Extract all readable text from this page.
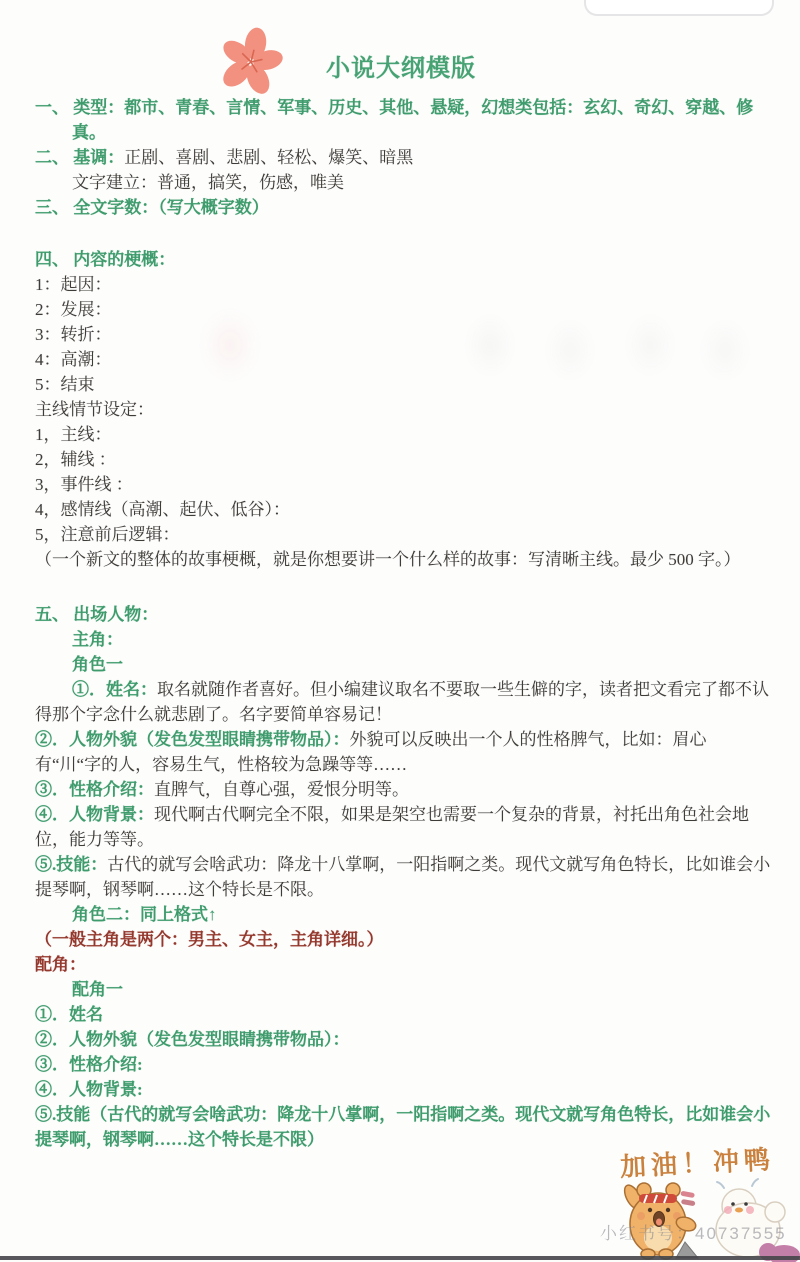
小说大纲模版

一、 类型：都市、青春、言情、军事、历史、其他、悬疑，幻想类包括：玄幻、奇幻、穿越、修真。

二、 基调：正剧、喜剧、悲剧、轻松、爆笑、暗黑

文字建立：普通，搞笑，伤感，唯美

三、 全文字数：（写大概字数）

四、 内容的梗概：

1：起因：

2：发展：

3：转折：

4：高潮：

5：结束

主线情节设定：

1，主线：

2，辅线 ：

3，事件线 ：

4，感情线（高潮、起伏、低谷）：

5，注意前后逻辑：

（一个新文的整体的故事梗概，就是你想要讲一个什么样的故事：写清晰主线。最少 500 字。）

五、 出场人物：

主角：

角色一

①．姓名：取名就随作者喜好。但小编建议取名不要取一些生僻的字，读者把文看完了都不认得那个字念什么就悲剧了。名字要简单容易记！

②．人物外貌（发色发型眼睛携带物品）：外貌可以反映出一个人的性格脾气，比如：眉心有“川“字的人，容易生气，性格较为急躁等等……

③．性格介绍：直脾气，自尊心强，爱恨分明等。

④．人物背景：现代啊古代啊完全不限，如果是架空也需要一个复杂的背景，衬托出角色社会地位，能力等等。

⑤.技能：古代的就写会啥武功：降龙十八掌啊，一阳指啊之类。现代文就写角色特长，比如谁会小提琴啊，钢琴啊……这个特长是不限。

角色二：同上格式↑

（一般主角是两个：男主、女主，主角详细。）

配角：

配角一

①．姓名

②．人物外貌（发色发型眼睛携带物品）：

③．性格介绍:

④．人物背景:

⑤.技能（古代的就写会啥武功：降龙十八掌啊，一阳指啊之类。现代文就写角色特长，比如谁会小提琴啊，钢琴啊……这个特长是不限）

加油！冲鸭
小红书号：40737555
